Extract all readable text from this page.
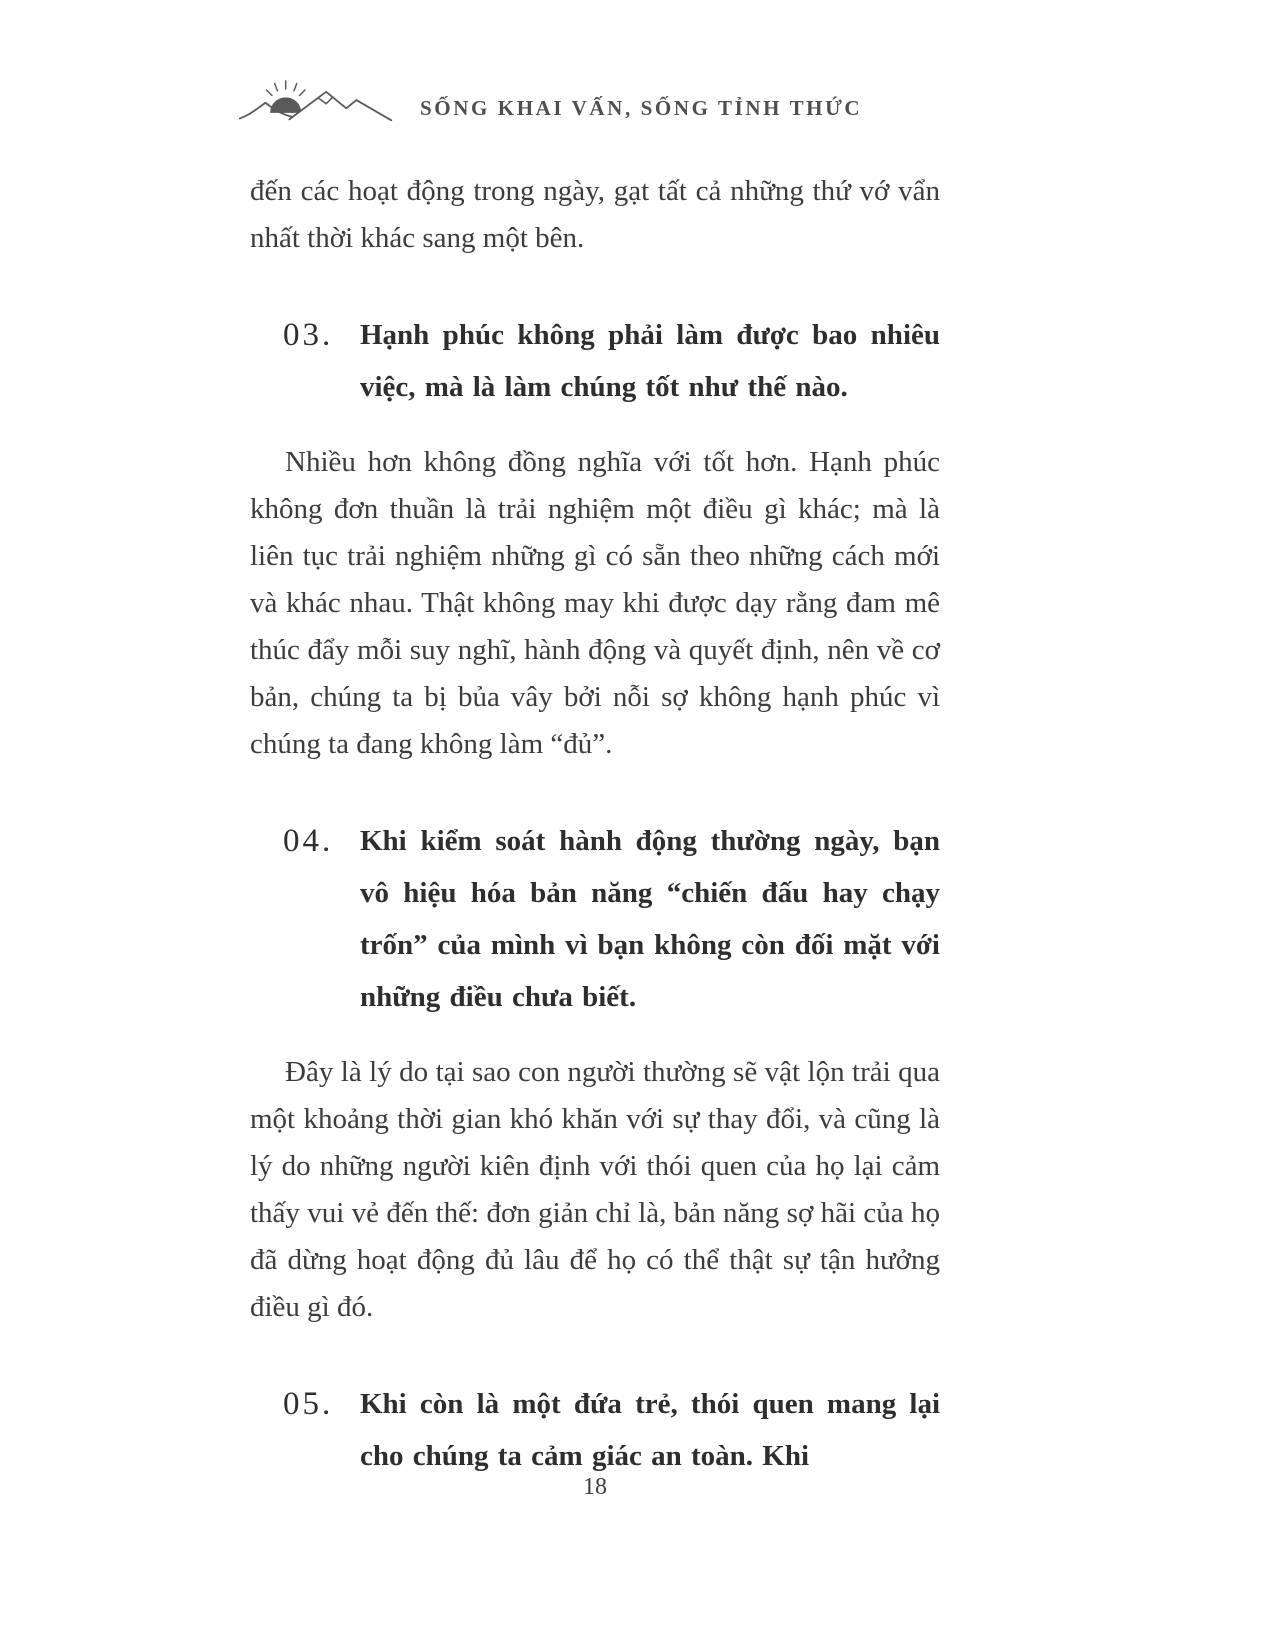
SỐNG KHAI VẤN, SỐNG TỈNH THỨC

đến các hoạt động trong ngày, gạt tất cả những thứ vớ vẩn nhất thời khác sang một bên.

03. Hạnh phúc không phải làm được bao nhiêu việc, mà là làm chúng tốt như thế nào.

Nhiều hơn không đồng nghĩa với tốt hơn. Hạnh phúc không đơn thuần là trải nghiệm một điều gì khác; mà là liên tục trải nghiệm những gì có sẵn theo những cách mới và khác nhau. Thật không may khi được dạy rằng đam mê thúc đẩy mỗi suy nghĩ, hành động và quyết định, nên về cơ bản, chúng ta bị bủa vây bởi nỗi sợ không hạnh phúc vì chúng ta đang không làm “đủ”.

04. Khi kiểm soát hành động thường ngày, bạn vô hiệu hóa bản năng “chiến đấu hay chạy trốn” của mình vì bạn không còn đối mặt với những điều chưa biết.

Đây là lý do tại sao con người thường sẽ vật lộn trải qua một khoảng thời gian khó khăn với sự thay đổi, và cũng là lý do những người kiên định với thói quen của họ lại cảm thấy vui vẻ đến thế: đơn giản chỉ là, bản năng sợ hãi của họ đã dừng hoạt động đủ lâu để họ có thể thật sự tận hưởng điều gì đó.

05. Khi còn là một đứa trẻ, thói quen mang lại cho chúng ta cảm giác an toàn. Khi
18
